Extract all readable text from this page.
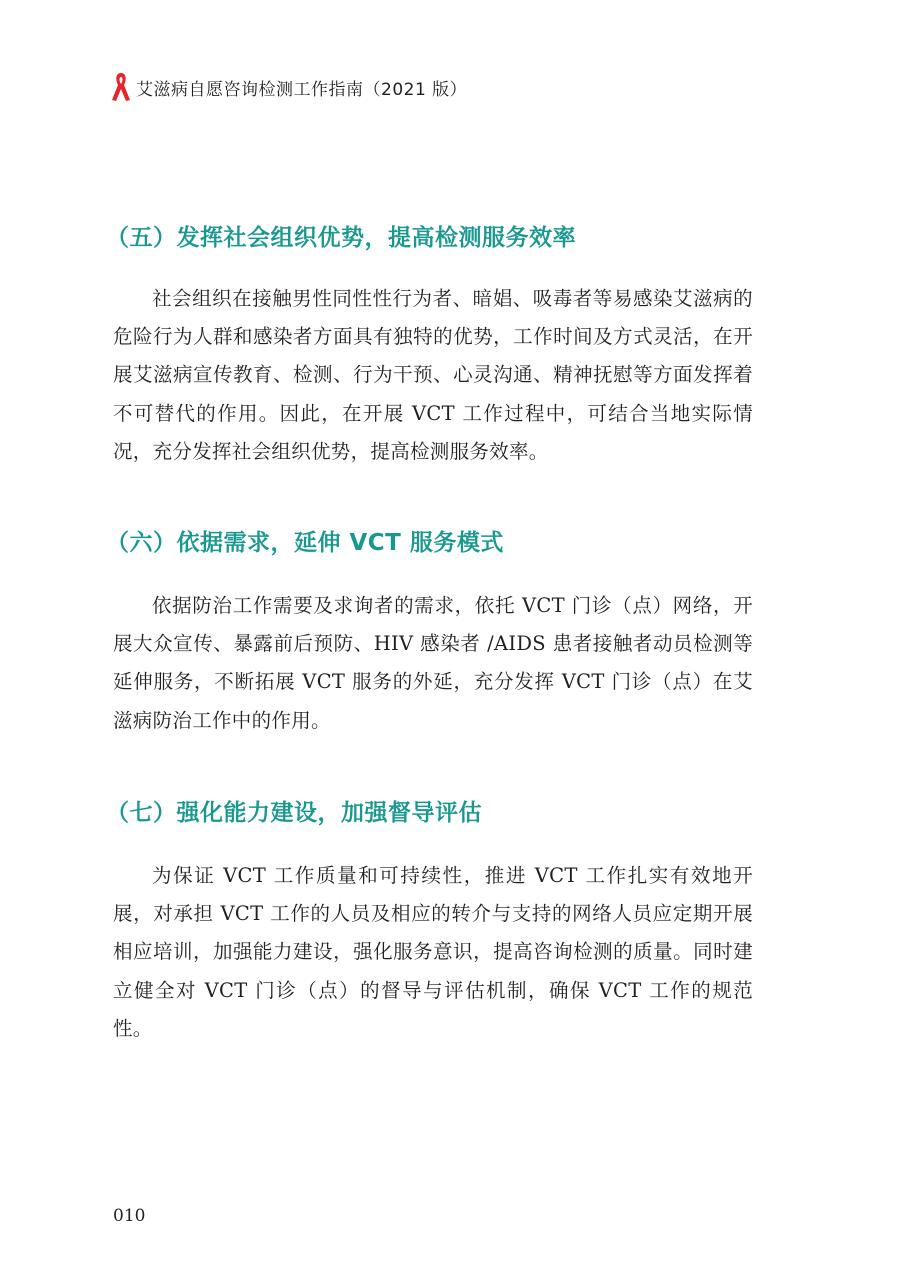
艾滋病自愿咨询检测工作指南（2021 版）
（五）发挥社会组织优势，提高检测服务效率

社会组织在接触男性同性性行为者、暗娼、吸毒者等易感染艾滋病的危险行为人群和感染者方面具有独特的优势，工作时间及方式灵活，在开展艾滋病宣传教育、检测、行为干预、心灵沟通、精神抚慰等方面发挥着不可替代的作用。因此，在开展 VCT 工作过程中，可结合当地实际情况，充分发挥社会组织优势，提高检测服务效率。

（六）依据需求，延伸 VCT 服务模式

依据防治工作需要及求询者的需求，依托 VCT 门诊（点）网络，开展大众宣传、暴露前后预防、HIV 感染者 /AIDS 患者接触者动员检测等延伸服务，不断拓展 VCT 服务的外延，充分发挥 VCT 门诊（点）在艾滋病防治工作中的作用。

（七）强化能力建设，加强督导评估

为保证 VCT 工作质量和可持续性，推进 VCT 工作扎实有效地开展，对承担 VCT 工作的人员及相应的转介与支持的网络人员应定期开展相应培训，加强能力建设，强化服务意识，提高咨询检测的质量。同时建立健全对 VCT 门诊（点）的督导与评估机制，确保 VCT 工作的规范性。

010
